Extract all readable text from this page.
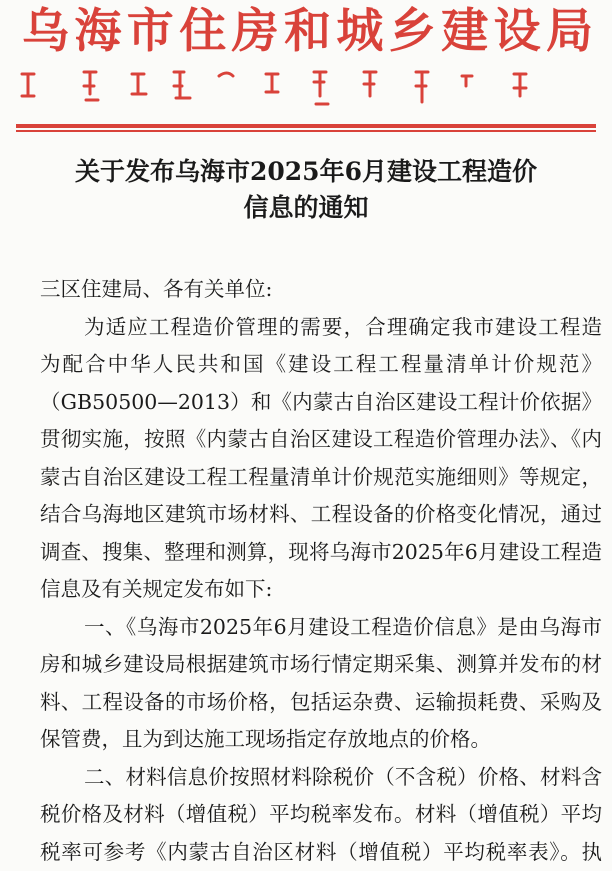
乌海市住房和城乡建设局
关于发布乌海市2025年6月建设工程造价
信息的通知
三区住建局、各有关单位:
为适应工程造价管理的需要，合理确定我市建设工程造
为配合中华人民共和国《建设工程工程量清单计价规范》
（GB50500—2013）和《内蒙古自治区建设工程计价依据》
贯彻实施，按照《内蒙古自治区建设工程造价管理办法》、《内
蒙古自治区建设工程工程量清单计价规范实施细则》等规定，
结合乌海地区建筑市场材料、工程设备的价格变化情况，通过
调查、搜集、整理和测算，现将乌海市2025年6月建设工程造
信息及有关规定发布如下:
一、《乌海市2025年6月建设工程造价信息》是由乌海市
房和城乡建设局根据建筑市场行情定期采集、测算并发布的材
料、工程设备的市场价格，包括运杂费、运输损耗费、采购及
保管费，且为到达施工现场指定存放地点的价格。
二、材料信息价按照材料除税价（不含税）价格、材料含
税价格及材料（增值税）平均税率发布。材料（增值税）平均
税率可参考《内蒙古自治区材料（增值税）平均税率表》。执
